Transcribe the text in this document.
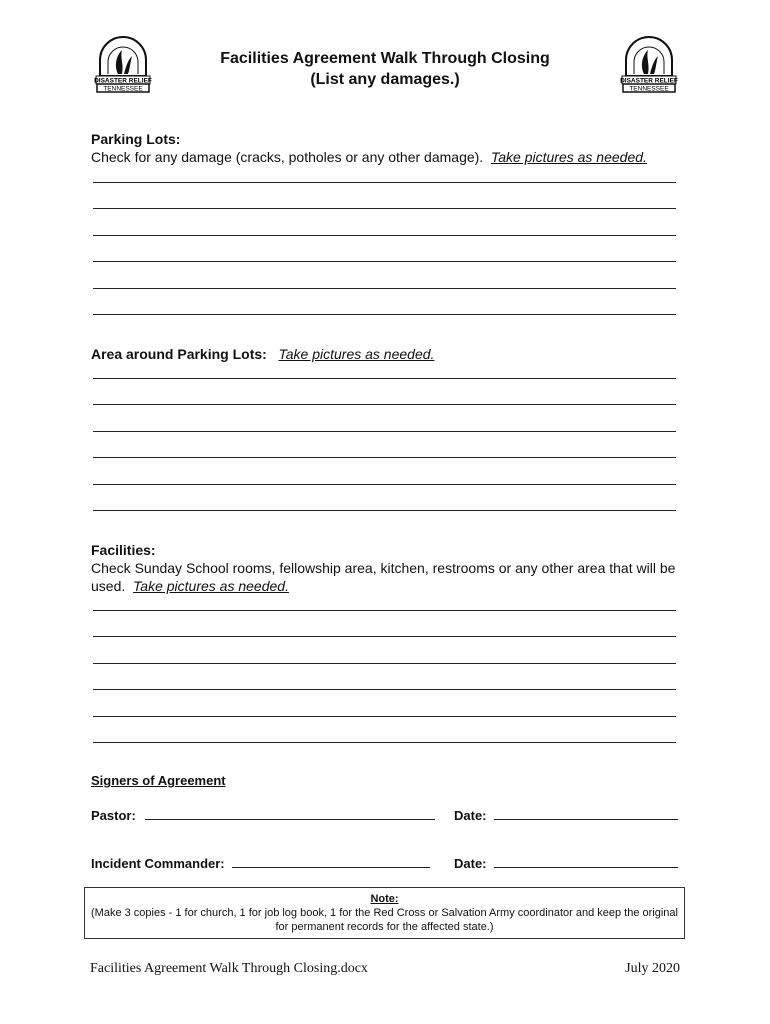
DISASTER RELIEF
TENNESSEE
DISASTER RELIEF
TENNESSEE
Facilities Agreement Walk Through Closing
(List any damages.)
Parking Lots:
Check for any damage (cracks, potholes or any other damage). Take pictures as needed.
Area around Parking Lots: Take pictures as needed.
Facilities:
Check Sunday School rooms, fellowship area, kitchen, restrooms or any other area that will be used. Take pictures as needed.
Signers of Agreement
Pastor:	Date:
Incident Commander:	Date:
Note:
(Make 3 copies - 1 for church, 1 for job log book, 1 for the Red Cross or Salvation Army coordinator and keep the original for permanent records for the affected state.)
Facilities Agreement Walk Through Closing.docx	July 2020
